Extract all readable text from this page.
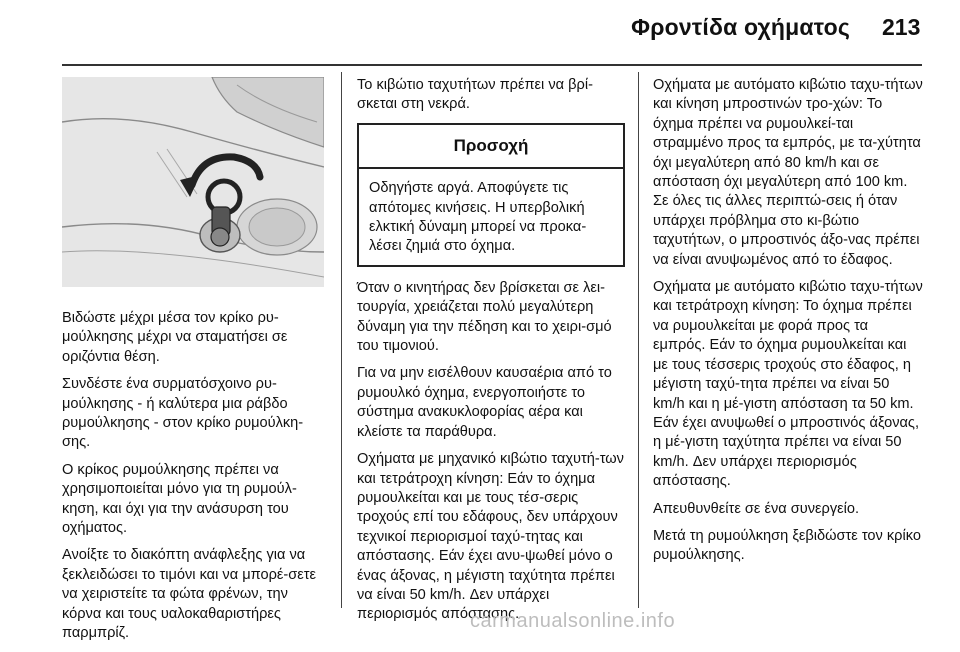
Φροντίδα οχήματος 213

Βιδώστε μέχρι μέσα τον κρίκο ρυ-μούλκησης μέχρι να σταματήσει σε οριζόντια θέση.

Συνδέστε ένα συρματόσχοινο ρυ-μούλκησης - ή καλύτερα μια ράβδο ρυμούλκησης - στον κρίκο ρυμούλκη-σης.

Ο κρίκος ρυμούλκησης πρέπει να χρησιμοποιείται μόνο για τη ρυμούλ-κηση, και όχι για την ανάσυρση του οχήματος.

Ανοίξτε το διακόπτη ανάφλεξης για να ξεκλειδώσει το τιμόνι και να μπορέ-σετε να χειριστείτε τα φώτα φρένων, την κόρνα και τους υαλοκαθαριστήρες παρμπρίζ.

Το κιβώτιο ταχυτήτων πρέπει να βρί-σκεται στη νεκρά.

Προσοχή
Οδηγήστε αργά. Αποφύγετε τις απότομες κινήσεις. Η υπερβολική ελκτική δύναμη μπορεί να προκα-λέσει ζημιά στο όχημα.

Όταν ο κινητήρας δεν βρίσκεται σε λει-τουργία, χρειάζεται πολύ μεγαλύτερη δύναμη για την πέδηση και το χειρι-σμό του τιμονιού.

Για να μην εισέλθουν καυσαέρια από το ρυμουλκό όχημα, ενεργοποιήστε το σύστημα ανακυκλοφορίας αέρα και κλείστε τα παράθυρα.

Οχήματα με μηχανικό κιβώτιο ταχυτή-των και τετράτροχη κίνηση: Εάν το όχημα ρυμουλκείται και με τους τέσ-σερις τροχούς επί του εδάφους, δεν υπάρχουν τεχνικοί περιορισμοί ταχύ-τητας και απόστασης. Εάν έχει ανυ-ψωθεί μόνο ο ένας άξονας, η μέγιστη ταχύτητα πρέπει να είναι 50 km/h. Δεν υπάρχει περιορισμός απόστασης.

Οχήματα με αυτόματο κιβώτιο ταχυ-τήτων και κίνηση μπροστινών τρο-χών: Το όχημα πρέπει να ρυμουλκεί-ται στραμμένο προς τα εμπρός, με τα-χύτητα όχι μεγαλύτερη από 80 km/h και σε απόσταση όχι μεγαλύτερη από 100 km. Σε όλες τις άλλες περιπτώ-σεις ή όταν υπάρχει πρόβλημα στο κι-βώτιο ταχυτήτων, ο μπροστινός άξο-νας πρέπει να είναι ανυψωμένος από το έδαφος.

Οχήματα με αυτόματο κιβώτιο ταχυ-τήτων και τετράτροχη κίνηση: Το όχημα πρέπει να ρυμουλκείται με φορά προς τα εμπρός. Εάν το όχημα ρυμουλκείται και με τους τέσσερις τροχούς στο έδαφος, η μέγιστη ταχύ-τητα πρέπει να είναι 50 km/h και η μέ-γιστη απόσταση τα 50 km. Εάν έχει ανυψωθεί ο μπροστινός άξονας, η μέ-γιστη ταχύτητα πρέπει να είναι 50 km/h. Δεν υπάρχει περιορισμός απόστασης.

Απευθυνθείτε σε ένα συνεργείο.

Μετά τη ρυμούλκηση ξεβιδώστε τον κρίκο ρυμούλκησης.

carmanualsonline.info
